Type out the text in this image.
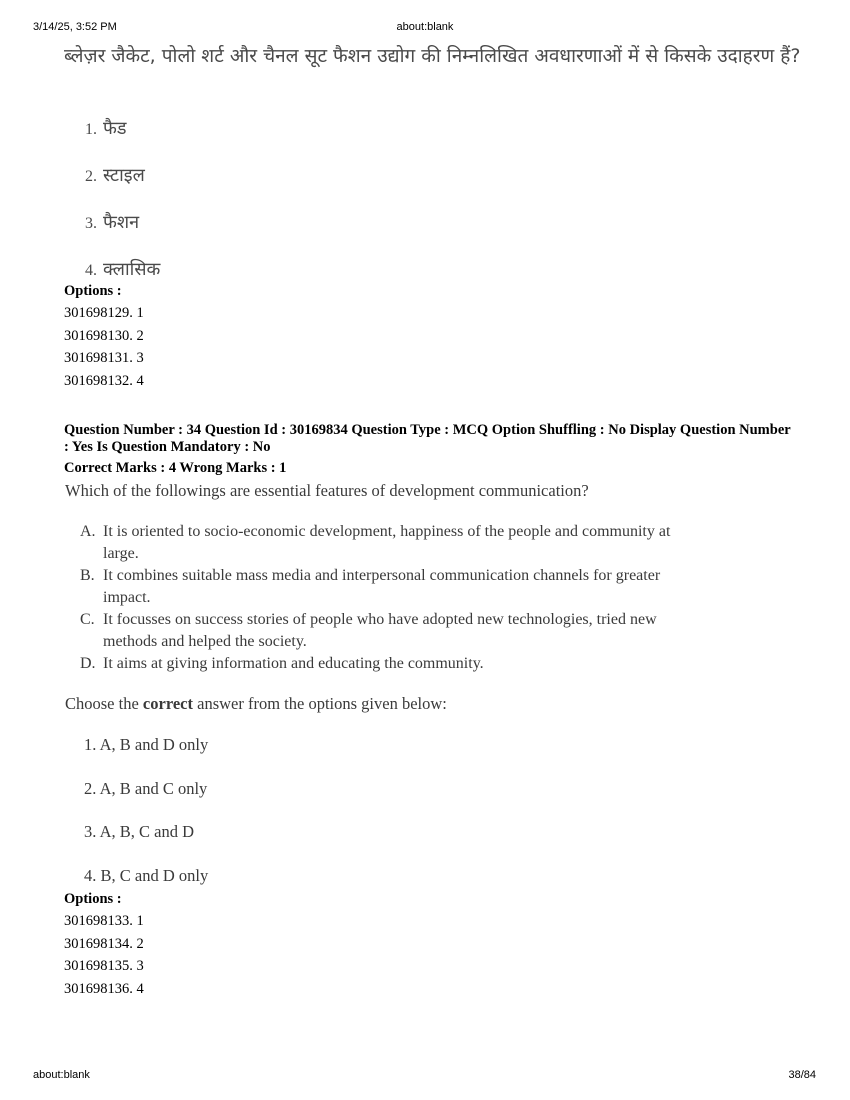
3/14/25, 3:52 PM	about:blank
ब्लेज़र जैकेट, पोलो शर्ट और चैनल सूट फैशन उद्योग की निम्नलिखित अवधारणाओं में से किसके उदाहरण हैं?
1. फैड
2. स्टाइल
3. फैशन
4. क्लासिक
Options :
301698129. 1
301698130. 2
301698131. 3
301698132. 4
Question Number : 34 Question Id : 30169834 Question Type : MCQ Option Shuffling : No Display Question Number : Yes Is Question Mandatory : No
Correct Marks : 4 Wrong Marks : 1
Which of the followings are essential features of development communication?
A. It is oriented to socio-economic development, happiness of the people and community at
large.
B. It combines suitable mass media and interpersonal communication channels for greater
impact.
C. It focusses on success stories of people who have adopted new technologies, tried new
methods and helped the society.
D. It aims at giving information and educating the community.
Choose the correct answer from the options given below:
1. A, B and D only
2. A, B and C only
3. A, B, C and D
4. B, C and D only
Options :
301698133. 1
301698134. 2
301698135. 3
301698136. 4
about:blank	38/84
